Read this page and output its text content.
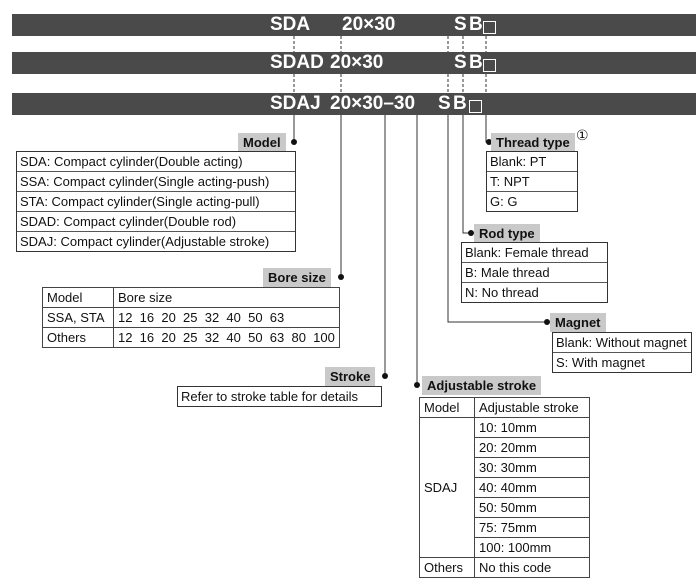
SDA

20×30

	S

B

SDAD

20×30

	S

B

SDAJ

20×30–30

S

B

Model
SDA: Compact cylinder(Double acting)
SSA: Compact cylinder(Single acting-push)
STA: Compact cylinder(Single acting-pull)
SDAD: Compact cylinder(Double rod)
SDAJ: Compact cylinder(Adjustable stroke)
Bore size
Model	Bore size
SSA, STA	12  16  20  25  32  40  50  63
Others	12  16  20  25  32  40  50  63  80  100
Stroke
Refer to stroke table for details
Thread type ①
Blank: PT
T: NPT
G: G
Rod type
Blank: Female thread
B: Male thread
N: No thread
Magnet
Blank: Without magnet
S: With magnet
Adjustable stroke
Model	Adjustable stroke
SDAJ	10: 10mm
	20: 20mm
	30: 30mm
	40: 40mm
	50: 50mm
	75: 75mm
	100: 100mm
Others	No this code
